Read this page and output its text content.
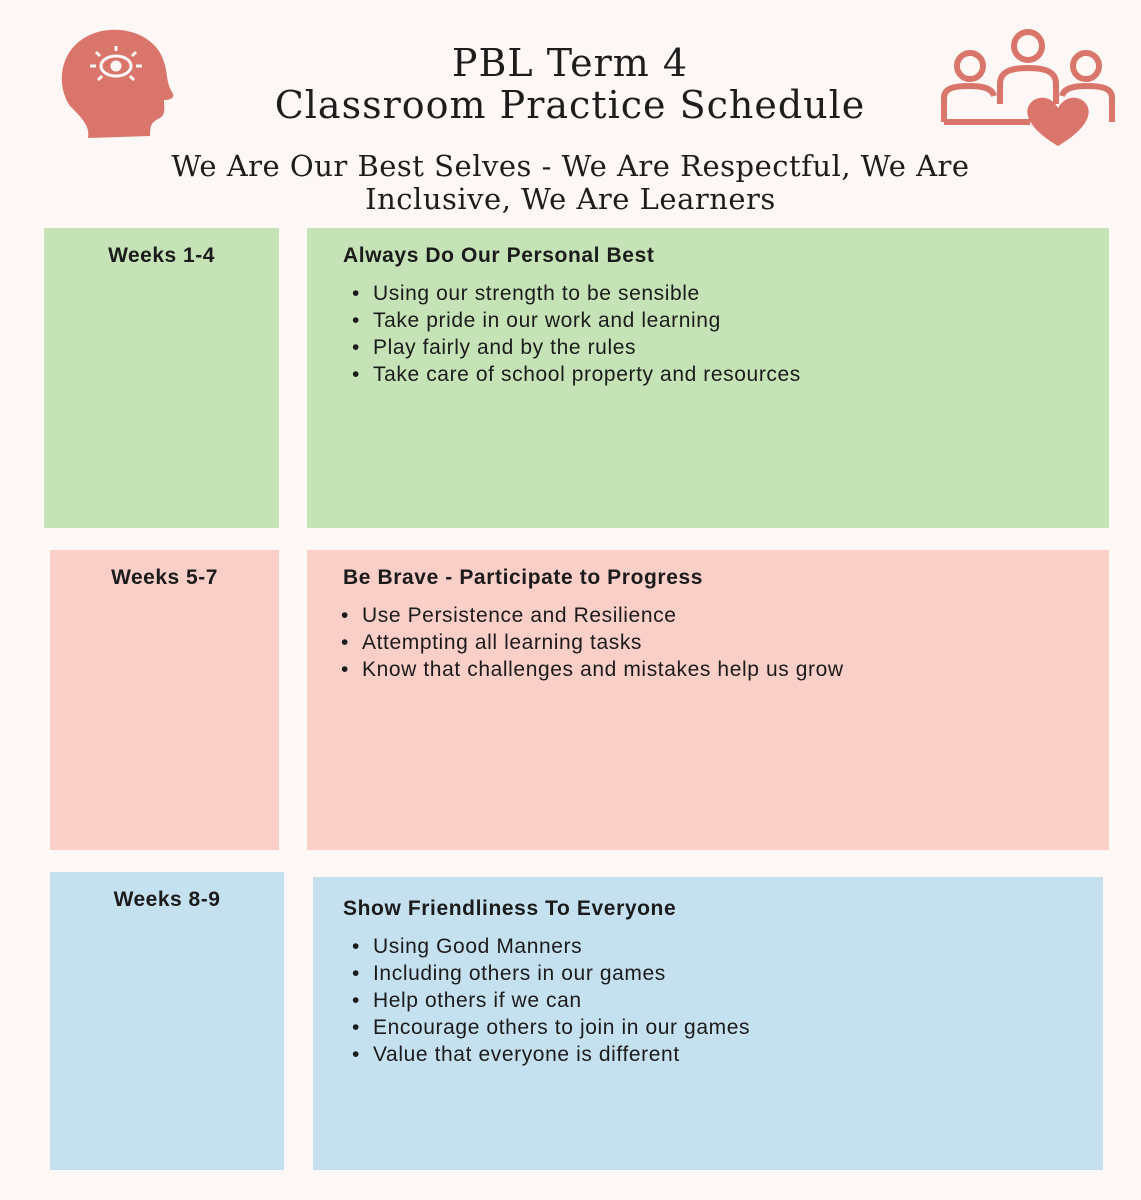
PBL Term 4
Classroom Practice Schedule
We Are Our Best Selves - We Are Respectful, We Are
Inclusive, We Are Learners
Weeks 1-4	Always Do Our Personal Best
• Using our strength to be sensible
• Take pride in our work and learning
• Play fairly and by the rules
• Take care of school property and resources
Weeks 5-7	Be Brave - Participate to Progress
• Use Persistence and Resilience
• Attempting all learning tasks
• Know that challenges and mistakes help us grow
Weeks 8-9	Show Friendliness To Everyone
• Using Good Manners
• Including others in our games
• Help others if we can
• Encourage others to join in our games
• Value that everyone is different
